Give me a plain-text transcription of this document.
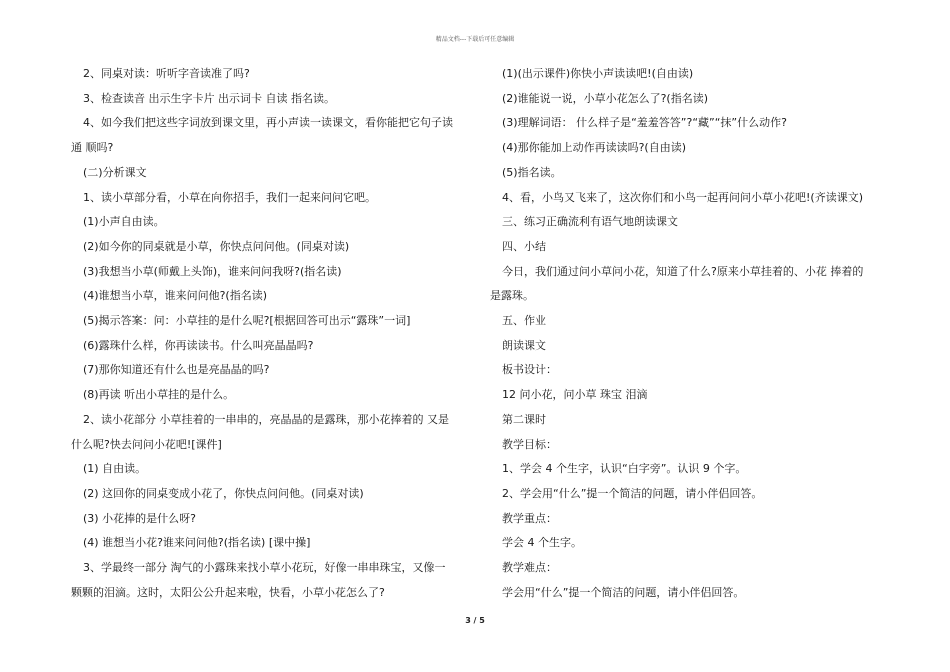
精品文档---下载后可任意编辑
2、同桌对读：听听字音读准了吗?
3、检查读音 出示生字卡片 出示词卡 自读 指名读。
4、如今我们把这些字词放到课文里，再小声读一读课文，看你能把它句子读
通 顺吗?
(二)分析课文
1、读小草部分看，小草在向你招手，我们一起来问问它吧。
(1)小声自由读。
(2)如今你的同桌就是小草，你快点问问他。(同桌对读)
(3)我想当小草(师戴上头饰)，谁来问问我呀?(指名读)
(4)谁想当小草，谁来问问他?(指名读)
(5)揭示答案：问：小草挂的是什么呢?[根据回答可出示“露珠”一词]
(6)露珠什么样，你再读读书。什么叫亮晶晶吗?
(7)那你知道还有什么也是亮晶晶的吗?
(8)再读 听出小草挂的是什么。
2、读小花部分 小草挂着的一串串的，亮晶晶的是露珠，那小花捧着的 又是
什么呢?快去问问小花吧![课件]
(1) 自由读。
(2) 这回你的同桌变成小花了，你快点问问他。(同桌对读)
(3) 小花捧的是什么呀?
(4) 谁想当小花?谁来问问他?(指名读) [课中操]
3、学最终一部分 淘气的小露珠来找小草小花玩，好像一串串珠宝，又像一
颗颗的泪滴。这时，太阳公公升起来啦，快看，小草小花怎么了?
(1)(出示课件)你快小声读读吧!(自由读)
(2)谁能说一说，小草小花怎么了?(指名读)
(3)理解词语： 什么样子是“羞羞答答”?“藏”“抹”什么动作?
(4)那你能加上动作再读读吗?(自由读)
(5)指名读。
4、看，小鸟又飞来了，这次你们和小鸟一起再问问小草小花吧!(齐读课文)
三、练习正确流利有语气地朗读课文
四、小结
今日，我们通过问小草问小花，知道了什么?原来小草挂着的、小花 捧着的
是露珠。
五、作业
朗读课文
板书设计：
12 问小花，问小草 珠宝 泪滴
第二课时
教学目标：
1、学会 4 个生字，认识“白字旁”。认识 9 个字。
2、学会用“什么”提一个简洁的问题，请小伴侣回答。
教学重点：
学会 4 个生字。
教学难点：
学会用“什么”提一个简洁的问题，请小伴侣回答。
3 / 5
